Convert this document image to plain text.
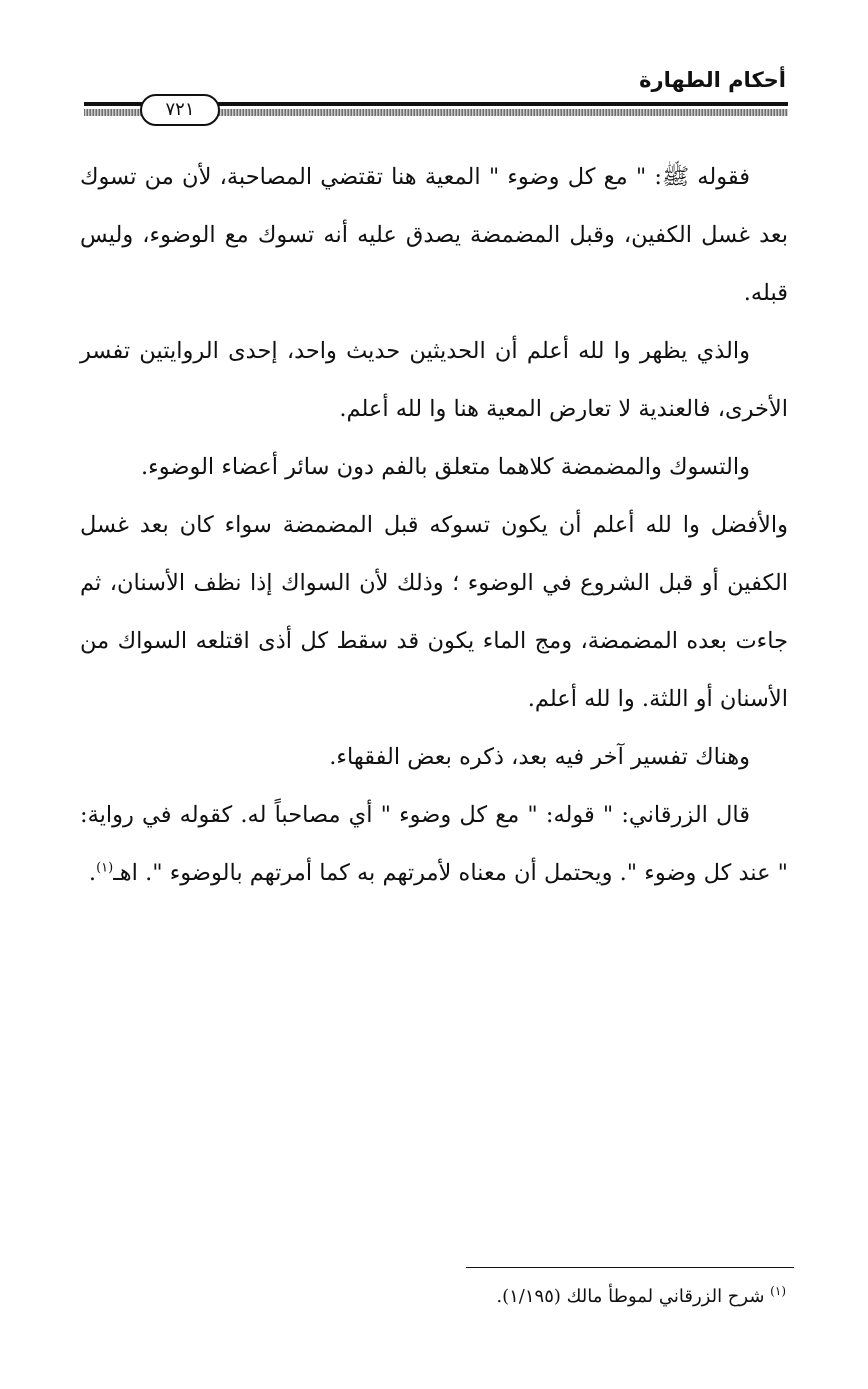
أحكام الطهارة
٧٢١

فقوله ﷺ: " مع كل وضوء " المعية هنا تقتضي المصاحبة، لأن من تسوك بعد غسل الكفين، وقبل المضمضة يصدق عليه أنه تسوك مع الوضوء، وليس قبله.

والذي يظهر وا لله أعلم أن الحديثين حديث واحد، إحدى الروايتين تفسر الأخرى، فالعندية لا تعارض المعية هنا وا لله أعلم.

والتسوك والمضمضة كلاهما متعلق بالفم دون سائر أعضاء الوضوء.

والأفضل وا لله أعلم أن يكون تسوكه قبل المضمضة سواء كان بعد غسل الكفين أو قبل الشروع في الوضوء ؛ وذلك لأن السواك إذا نظف الأسنان، ثم جاءت بعده المضمضة، ومج الماء يكون قد سقط كل أذى اقتلعه السواك من الأسنان أو اللثة. وا لله أعلم.

وهناك تفسير آخر فيه بعد، ذكره بعض الفقهاء.

قال الزرقاني: " قوله: " مع كل وضوء " أي مصاحباً له. كقوله في رواية: " عند كل وضوء ". ويحتمل أن معناه لأمرتهم به كما أمرتهم بالوضوء ". اهـ$^{(١)}$.

$^{(١)}$ شرح الزرقاني لموطأ مالك (١/١٩٥).
